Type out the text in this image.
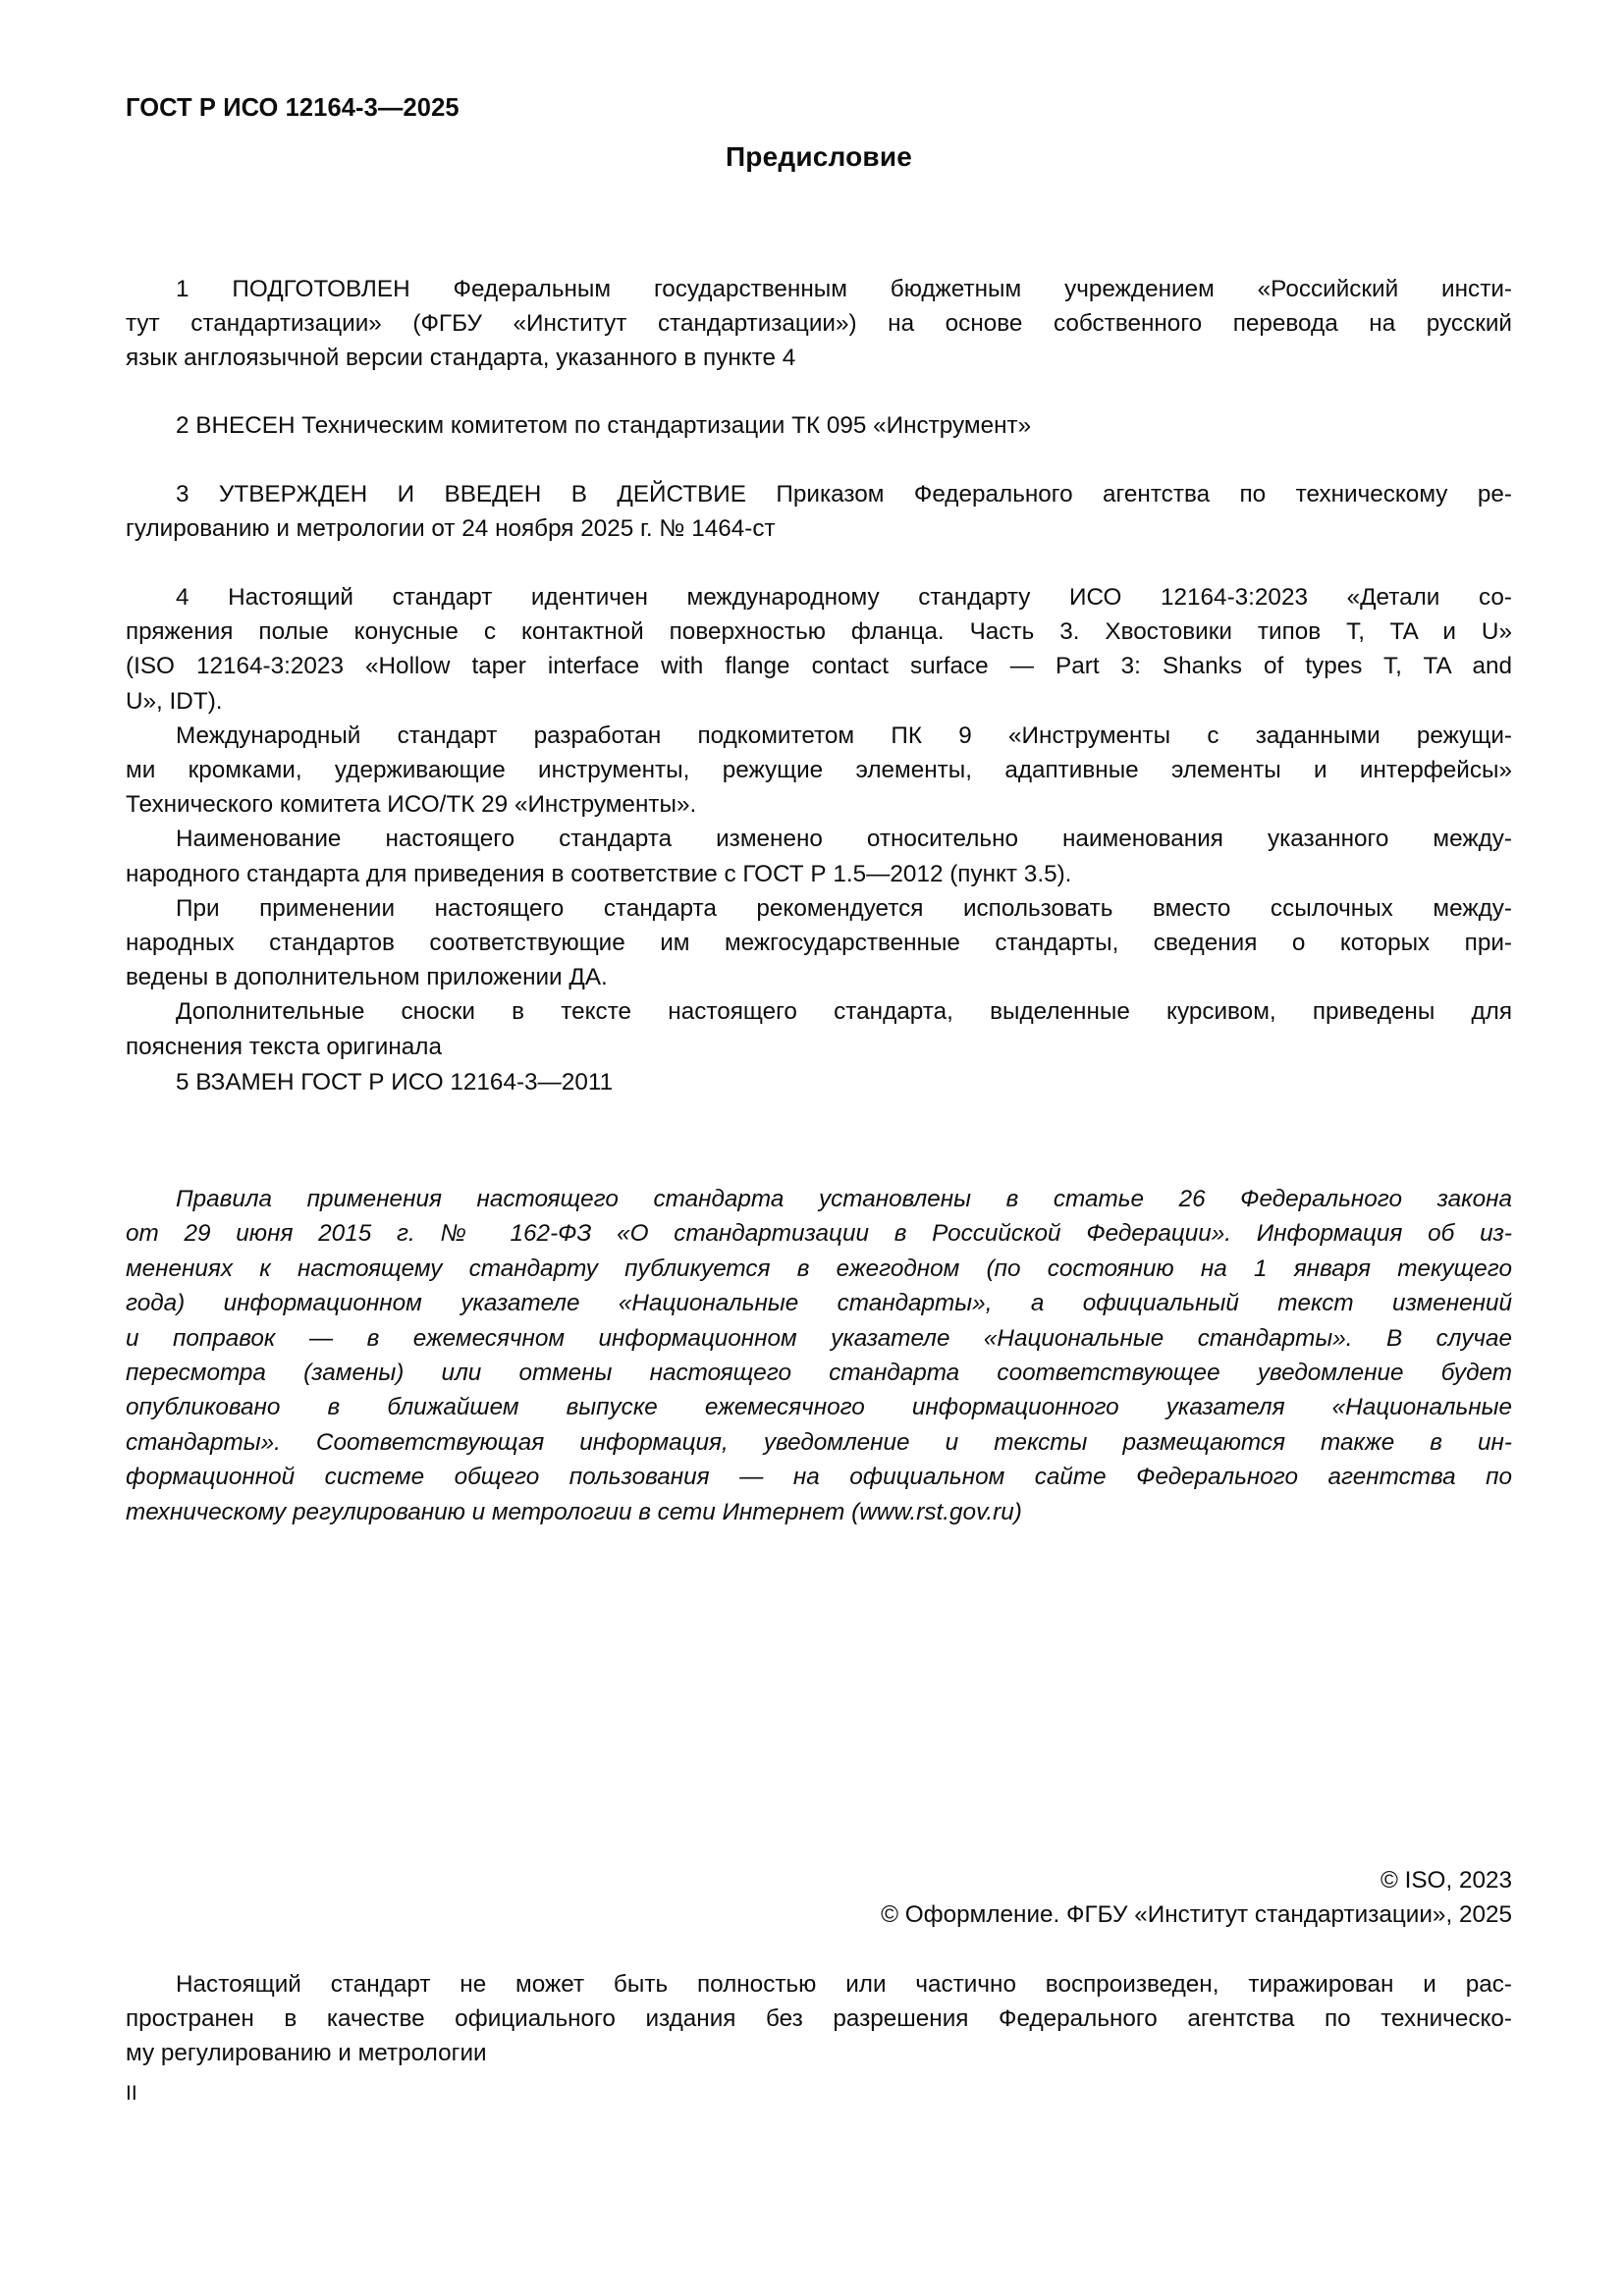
ГОСТ Р ИСО 12164-3—2025
Предисловие

1 ПОДГОТОВЛЕН Федеральным государственным бюджетным учреждением «Российский инсти-

тут стандартизации» (ФГБУ «Институт стандартизации») на основе собственного перевода на русский

язык англоязычной версии стандарта, указанного в пункте 4

2 ВНЕСЕН Техническим комитетом по стандартизации ТК 095 «Инструмент»

3 УТВЕРЖДЕН И ВВЕДЕН В ДЕЙСТВИЕ Приказом Федерального агентства по техническому ре-

гулированию и метрологии от 24 ноября 2025 г. № 1464-ст

4 Настоящий стандарт идентичен международному стандарту ИСО 12164-3:2023 «Детали со-

пряжения полые конусные с контактной поверхностью фланца. Часть 3. Хвостовики типов T, TA и U»

(ISO 12164-3:2023 «Hollow taper interface with flange contact surface — Part 3: Shanks of types T, TA and

U», IDT).

Международный стандарт разработан подкомитетом ПК 9 «Инструменты с заданными режущи-

ми кромками, удерживающие инструменты, режущие элементы, адаптивные элементы и интерфейсы»

Технического комитета ИСО/ТК 29 «Инструменты».

Наименование настоящего стандарта изменено относительно наименования указанного между-

народного стандарта для приведения в соответствие с ГОСТ Р 1.5—2012 (пункт 3.5).

При применении настоящего стандарта рекомендуется использовать вместо ссылочных между-

народных стандартов соответствующие им межгосударственные стандарты, сведения о которых при-

ведены в дополнительном приложении ДА.

Дополнительные сноски в тексте настоящего стандарта, выделенные курсивом, приведены для

пояснения текста оригинала

5 ВЗАМЕН ГОСТ Р ИСО 12164-3—2011

Правила применения настоящего стандарта установлены в статье 26 Федерального закона

от 29 июня 2015 г. № 162-ФЗ «О стандартизации в Российской Федерации». Информация об из-

менениях к настоящему стандарту публикуется в ежегодном (по состоянию на 1 января текущего

года) информационном указателе «Национальные стандарты», а официальный текст изменений

и поправок — в ежемесячном информационном указателе «Национальные стандарты». В случае

пересмотра (замены) или отмены настоящего стандарта соответствующее уведомление будет

опубликовано в ближайшем выпуске ежемесячного информационного указателя «Национальные

стандарты». Соответствующая информация, уведомление и тексты размещаются также в ин-

формационной системе общего пользования — на официальном сайте Федерального агентства по

техническому регулированию и метрологии в сети Интернет (www.rst.gov.ru)

© ISO, 2023
© Оформление. ФГБУ «Институт стандартизации», 2025

Настоящий стандарт не может быть полностью или частично воспроизведен, тиражирован и рас-

пространен в качестве официального издания без разрешения Федерального агентства по техническо-

му регулированию и метрологии

II
